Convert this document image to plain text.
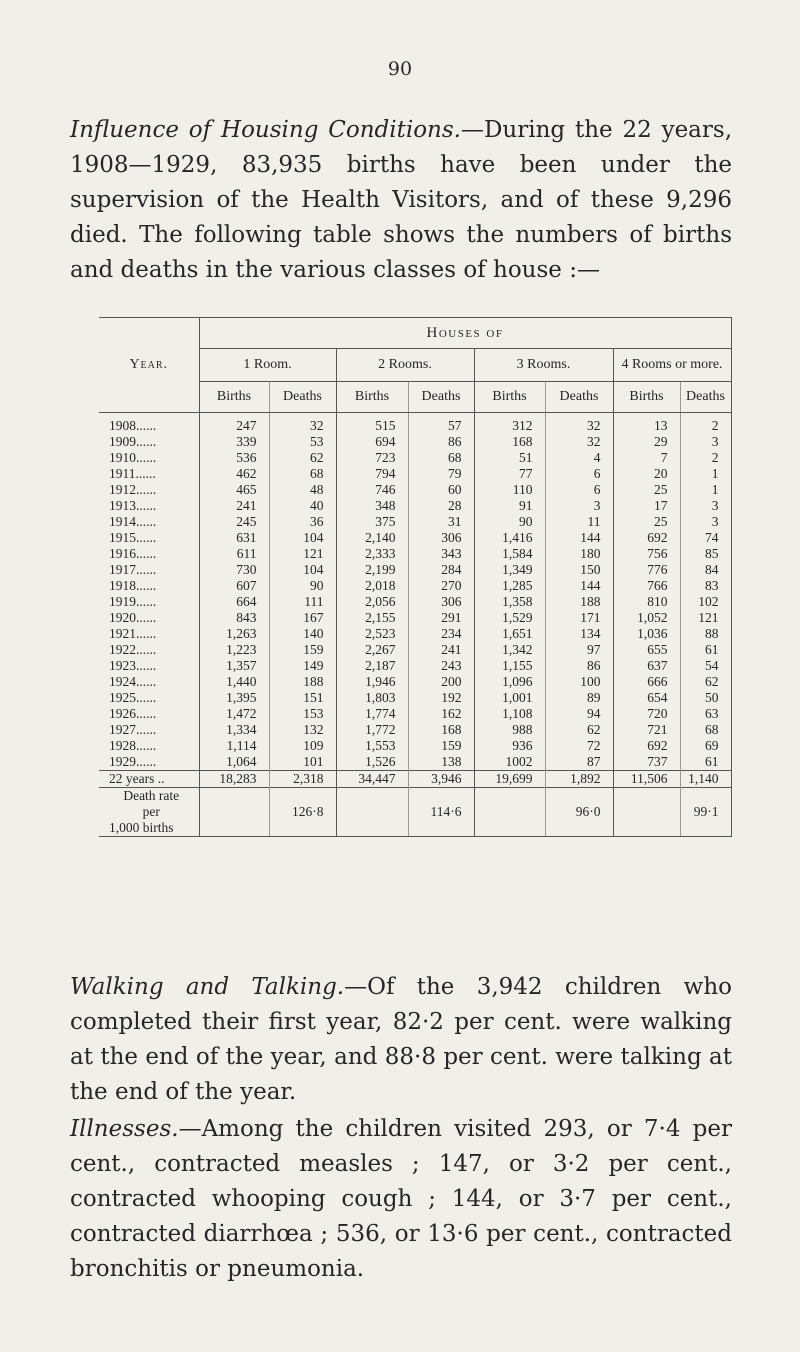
90

Influence of Housing Conditions.—During the 22 years, 1908—1929, 83,935 births have been under the supervision of the Health Visitors, and of these 9,296 died. The following table shows the numbers of births and deaths in the various classes of house :—

Year.	Houses of							
	1 Room.		2 Rooms.		3 Rooms.		4 Rooms or more.	
	Births	Deaths	Births	Deaths	Births	Deaths	Births	Deaths
1908......	247	32	515	57	312	32	13	2
1909......	339	53	694	86	168	32	29	3
1910......	536	62	723	68	51	4	7	2
1911......	462	68	794	79	77	6	20	1
1912......	465	48	746	60	110	6	25	1
1913......	241	40	348	28	91	3	17	3
1914......	245	36	375	31	90	11	25	3
1915......	631	104	2,140	306	1,416	144	692	74
1916......	611	121	2,333	343	1,584	180	756	85
1917......	730	104	2,199	284	1,349	150	776	84
1918......	607	90	2,018	270	1,285	144	766	83
1919......	664	111	2,056	306	1,358	188	810	102
1920......	843	167	2,155	291	1,529	171	1,052	121
1921......	1,263	140	2,523	234	1,651	134	1,036	88
1922......	1,223	159	2,267	241	1,342	97	655	61
1923......	1,357	149	2,187	243	1,155	86	637	54
1924......	1,440	188	1,946	200	1,096	100	666	62
1925......	1,395	151	1,803	192	1,001	89	654	50
1926......	1,472	153	1,774	162	1,108	94	720	63
1927......	1,334	132	1,772	168	988	62	721	68
1928......	1,114	109	1,553	159	936	72	692	69
1929......	1,064	101	1,526	138	1002	87	737	61
22 years ..	18,283	2,318	34,447	3,946	19,699	1,892	11,506	1,140
Death rate								
per		126·8		114·6		96·0		99·1
1,000 births								

Walking and Talking.—Of the 3,942 children who completed their first year, 82·2 per cent. were walking at the end of the year, and 88·8 per cent. were talking at the end of the year.

Illnesses.—Among the children visited 293, or 7·4 per cent., contracted measles ; 147, or 3·2 per cent., contracted whooping cough ; 144, or 3·7 per cent., contracted diarrhœa ; 536, or 13·6 per cent., contracted bronchitis or pneumonia.
